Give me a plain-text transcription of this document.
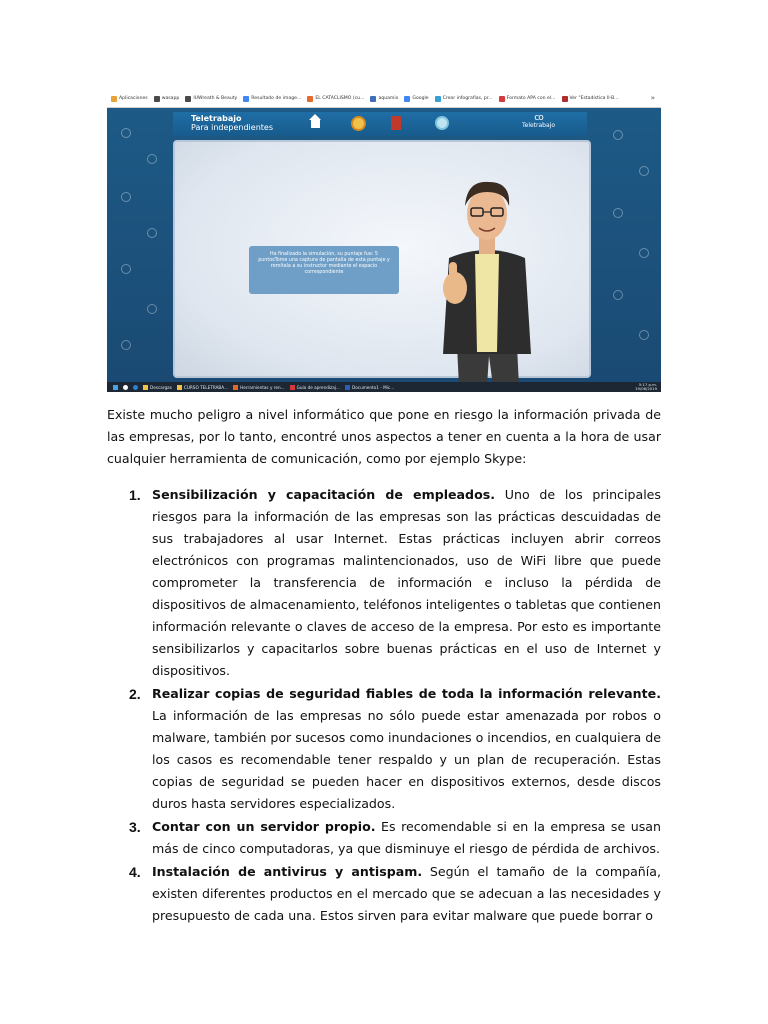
Aplicaciones	wasapp	IUWreath & Beauty	Resultado de image...	EL CATACLISMO (cu...	aquamix	Google	Crear infografías, pr...	Formato APA con el...	Ver "Estadística II-B...	»
Teletrabajo
Para independientes
ᴄᴏ
Teletrabajo
Ha finalizado la simulación, su puntaje fue: 5 puntosTome una captura de pantalla de esta puntaje y remítala a su instructor mediante el espacio correspondiente
Descargas	CURSO TELETRABA...	Herramientas y ren...	Guía de aprendizaj...	Documento1 - Mic...	5:17 p.m.
19/06/2019

Existe mucho peligro a nivel informático que pone en riesgo la información privada de las empresas, por lo tanto, encontré unos aspectos a tener en cuenta a la hora de usar cualquier herramienta de comunicación, como por ejemplo Skype:

1. Sensibilización y capacitación de empleados. Uno de los principales riesgos para la información de las empresas son las prácticas descuidadas de sus trabajadores al usar Internet. Estas prácticas incluyen abrir correos electrónicos con programas malintencionados, uso de WiFi libre que puede comprometer la transferencia de información e incluso la pérdida de dispositivos de almacenamiento, teléfonos inteligentes o tabletas que contienen información relevante o claves de acceso de la empresa. Por esto es importante sensibilizarlos y capacitarlos sobre buenas prácticas en el uso de Internet y dispositivos.
2. Realizar copias de seguridad fiables de toda la información relevante. La información de las empresas no sólo puede estar amenazada por robos o malware, también por sucesos como inundaciones o incendios, en cualquiera de los casos es recomendable tener respaldo y un plan de recuperación. Estas copias de seguridad se pueden hacer en dispositivos externos, desde discos duros hasta servidores especializados.
3. Contar con un servidor propio. Es recomendable si en la empresa se usan más de cinco computadoras, ya que disminuye el riesgo de pérdida de archivos.
4. Instalación de antivirus y antispam. Según el tamaño de la compañía, existen diferentes productos en el mercado que se adecuan a las necesidades y presupuesto de cada una. Estos sirven para evitar malware que puede borrar o
